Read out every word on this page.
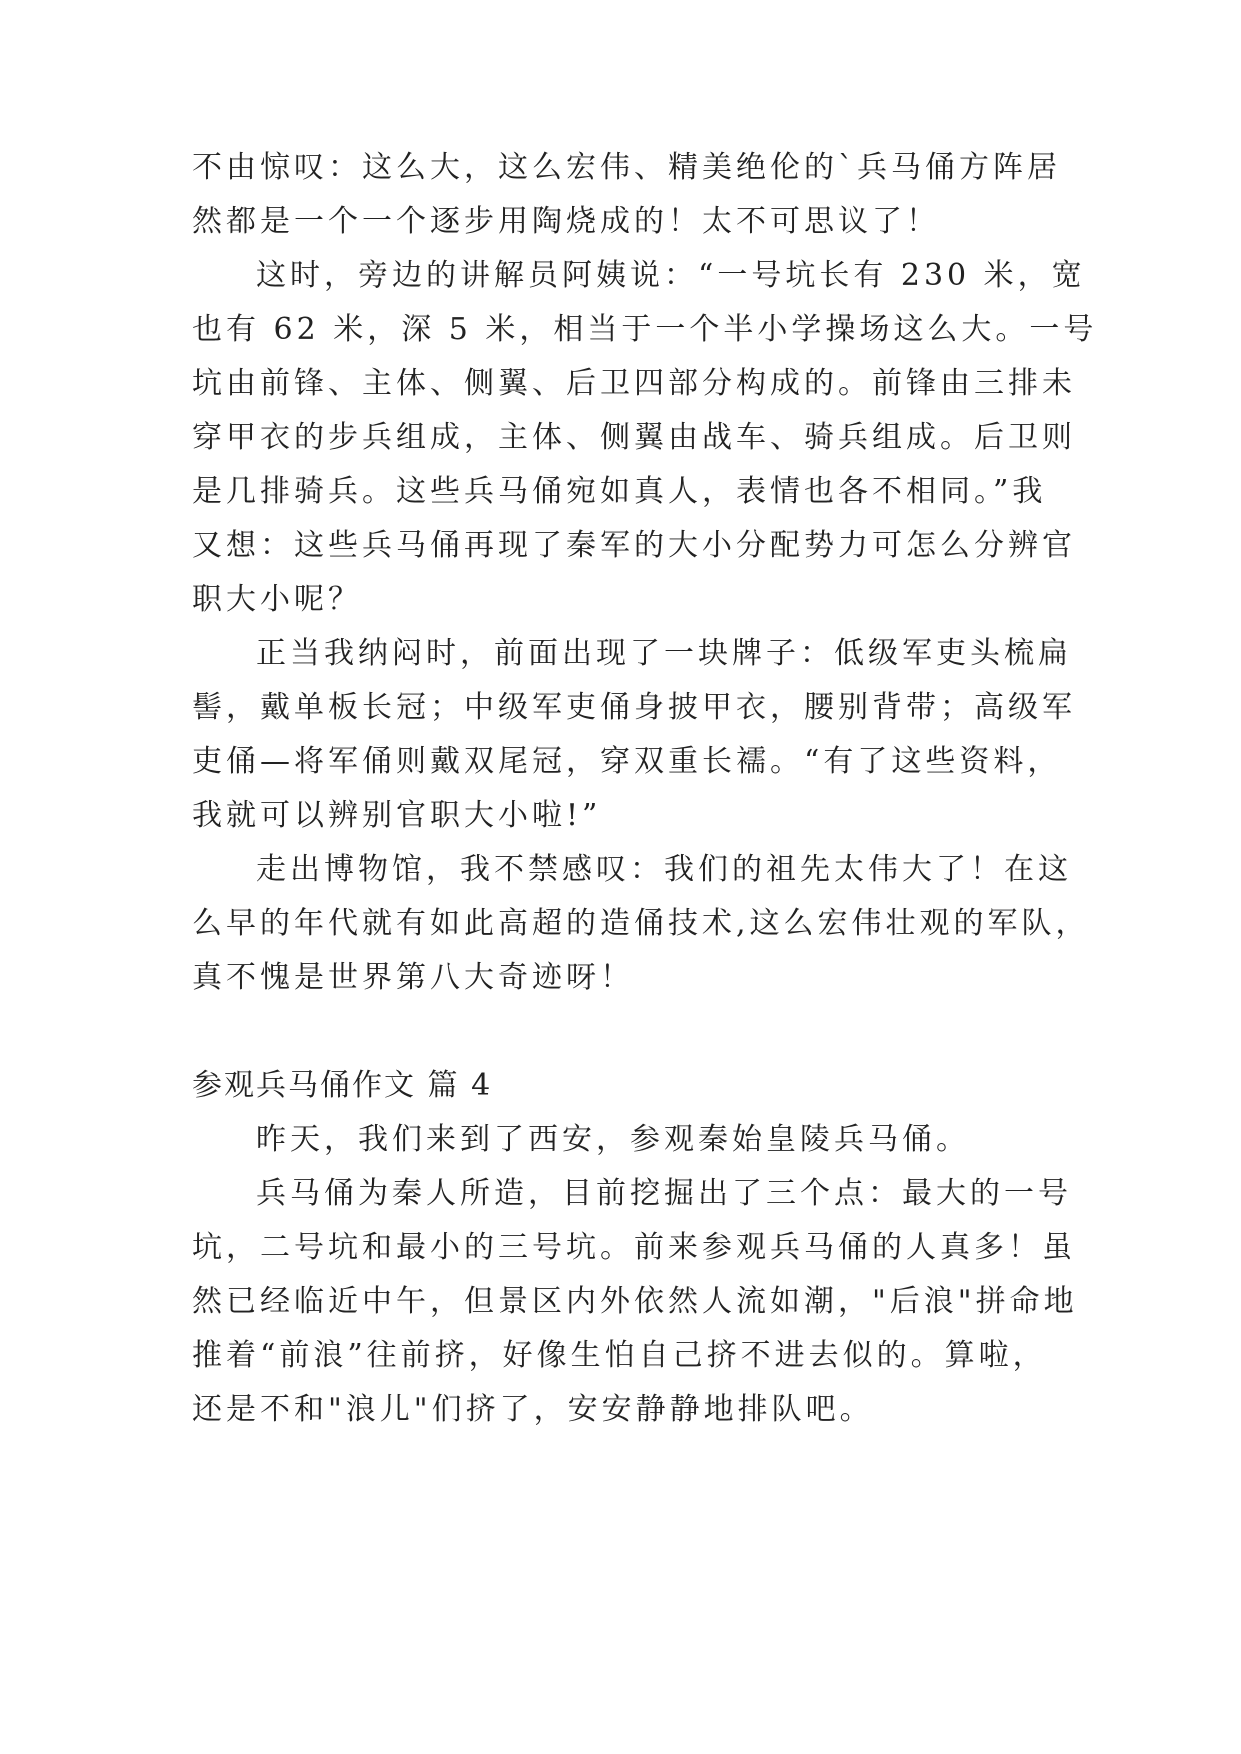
不由惊叹：这么大，这么宏伟、精美绝伦的`兵马俑方阵居
然都是一个一个逐步用陶烧成的！太不可思议了！
这时，旁边的讲解员阿姨说：“一号坑长有 230 米，宽
也有 62 米，深 5 米，相当于一个半小学操场这么大。一号
坑由前锋、主体、侧翼、后卫四部分构成的。前锋由三排未
穿甲衣的步兵组成，主体、侧翼由战车、骑兵组成。后卫则
是几排骑兵。这些兵马俑宛如真人，表情也各不相同。”我
又想：这些兵马俑再现了秦军的大小分配势力可怎么分辨官
职大小呢？
正当我纳闷时，前面出现了一块牌子：低级军吏头梳扁
髻，戴单板长冠；中级军吏俑身披甲衣，腰别背带；高级军
吏俑—将军俑则戴双尾冠，穿双重长襦。“有了这些资料，
我就可以辨别官职大小啦!”
走出博物馆，我不禁感叹：我们的祖先太伟大了！在这
么早的年代就有如此高超的造俑技术,这么宏伟壮观的军队，
真不愧是世界第八大奇迹呀！
参观兵马俑作文 篇 4
昨天，我们来到了西安，参观秦始皇陵兵马俑。
兵马俑为秦人所造，目前挖掘出了三个点：最大的一号
坑，二号坑和最小的三号坑。前来参观兵马俑的人真多！虽
然已经临近中午，但景区内外依然人流如潮，"后浪"拼命地
推着“前浪”往前挤，好像生怕自己挤不进去似的。算啦，
还是不和"浪儿"们挤了，安安静静地排队吧。
